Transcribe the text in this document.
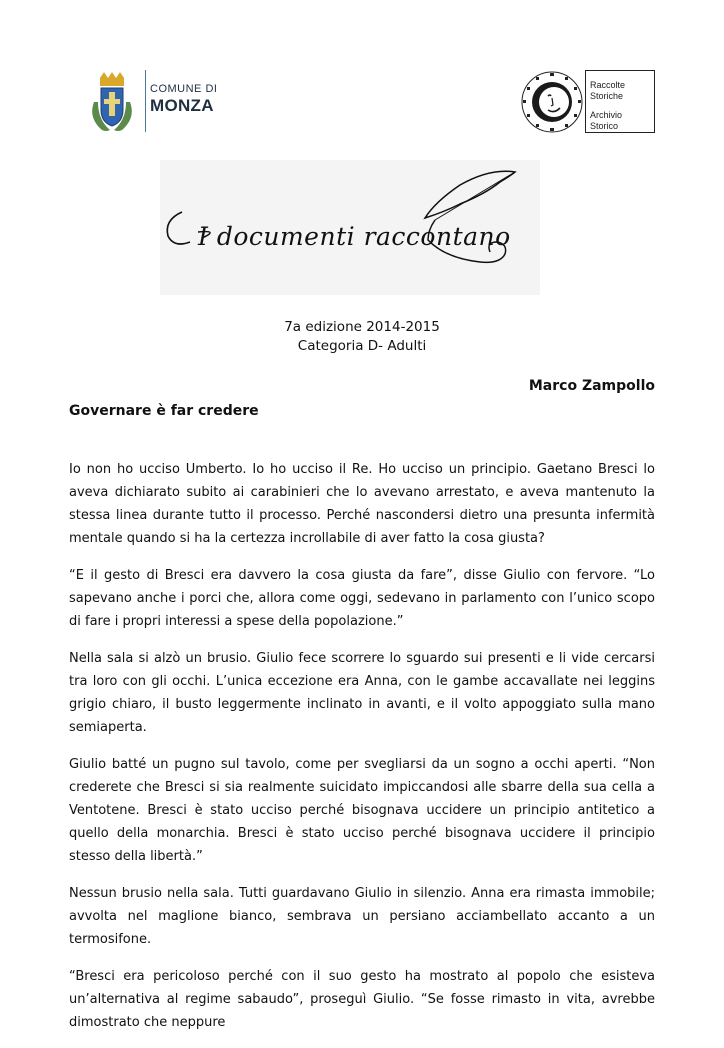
COMUNE DI
MONZA
Raccolte
Storiche
Archivio
Storico
I documenti raccontano
7a edizione 2014-2015
Categoria D- Adulti
Marco Zampollo
Governare è far credere

Io non ho ucciso Umberto. Io ho ucciso il Re. Ho ucciso un principio. Gaetano Bresci lo aveva dichiarato subito ai carabinieri che lo avevano arrestato, e aveva mantenuto la stessa linea durante tutto il processo. Perché nascondersi dietro una presunta infermità mentale quando si ha la certezza incrollabile di aver fatto la cosa giusta?

“E il gesto di Bresci era davvero la cosa giusta da fare”, disse Giulio con fervore. “Lo sapevano anche i porci che, allora come oggi, sedevano in parlamento con l’unico scopo di fare i propri interessi a spese della popolazione.”

Nella sala si alzò un brusio. Giulio fece scorrere lo sguardo sui presenti e li vide cercarsi tra loro con gli occhi. L’unica eccezione era Anna, con le gambe accavallate nei leggins grigio chiaro, il busto leggermente inclinato in avanti, e il volto appoggiato sulla mano semiaperta.

Giulio batté un pugno sul tavolo, come per svegliarsi da un sogno a occhi aperti. “Non crederete che Bresci si sia realmente suicidato impiccandosi alle sbarre della sua cella a Ventotene. Bresci è stato ucciso perché bisognava uccidere un principio antitetico a quello della monarchia. Bresci è stato ucciso perché bisognava uccidere il principio stesso della libertà.”

Nessun brusio nella sala. Tutti guardavano Giulio in silenzio. Anna era rimasta immobile; avvolta nel maglione bianco, sembrava un persiano acciambellato accanto a un termosifone.

“Bresci era pericoloso perché con il suo gesto ha mostrato al popolo che esisteva un’alternativa al regime sabaudo”, proseguì Giulio. “Se fosse rimasto in vita, avrebbe dimostrato che neppure
